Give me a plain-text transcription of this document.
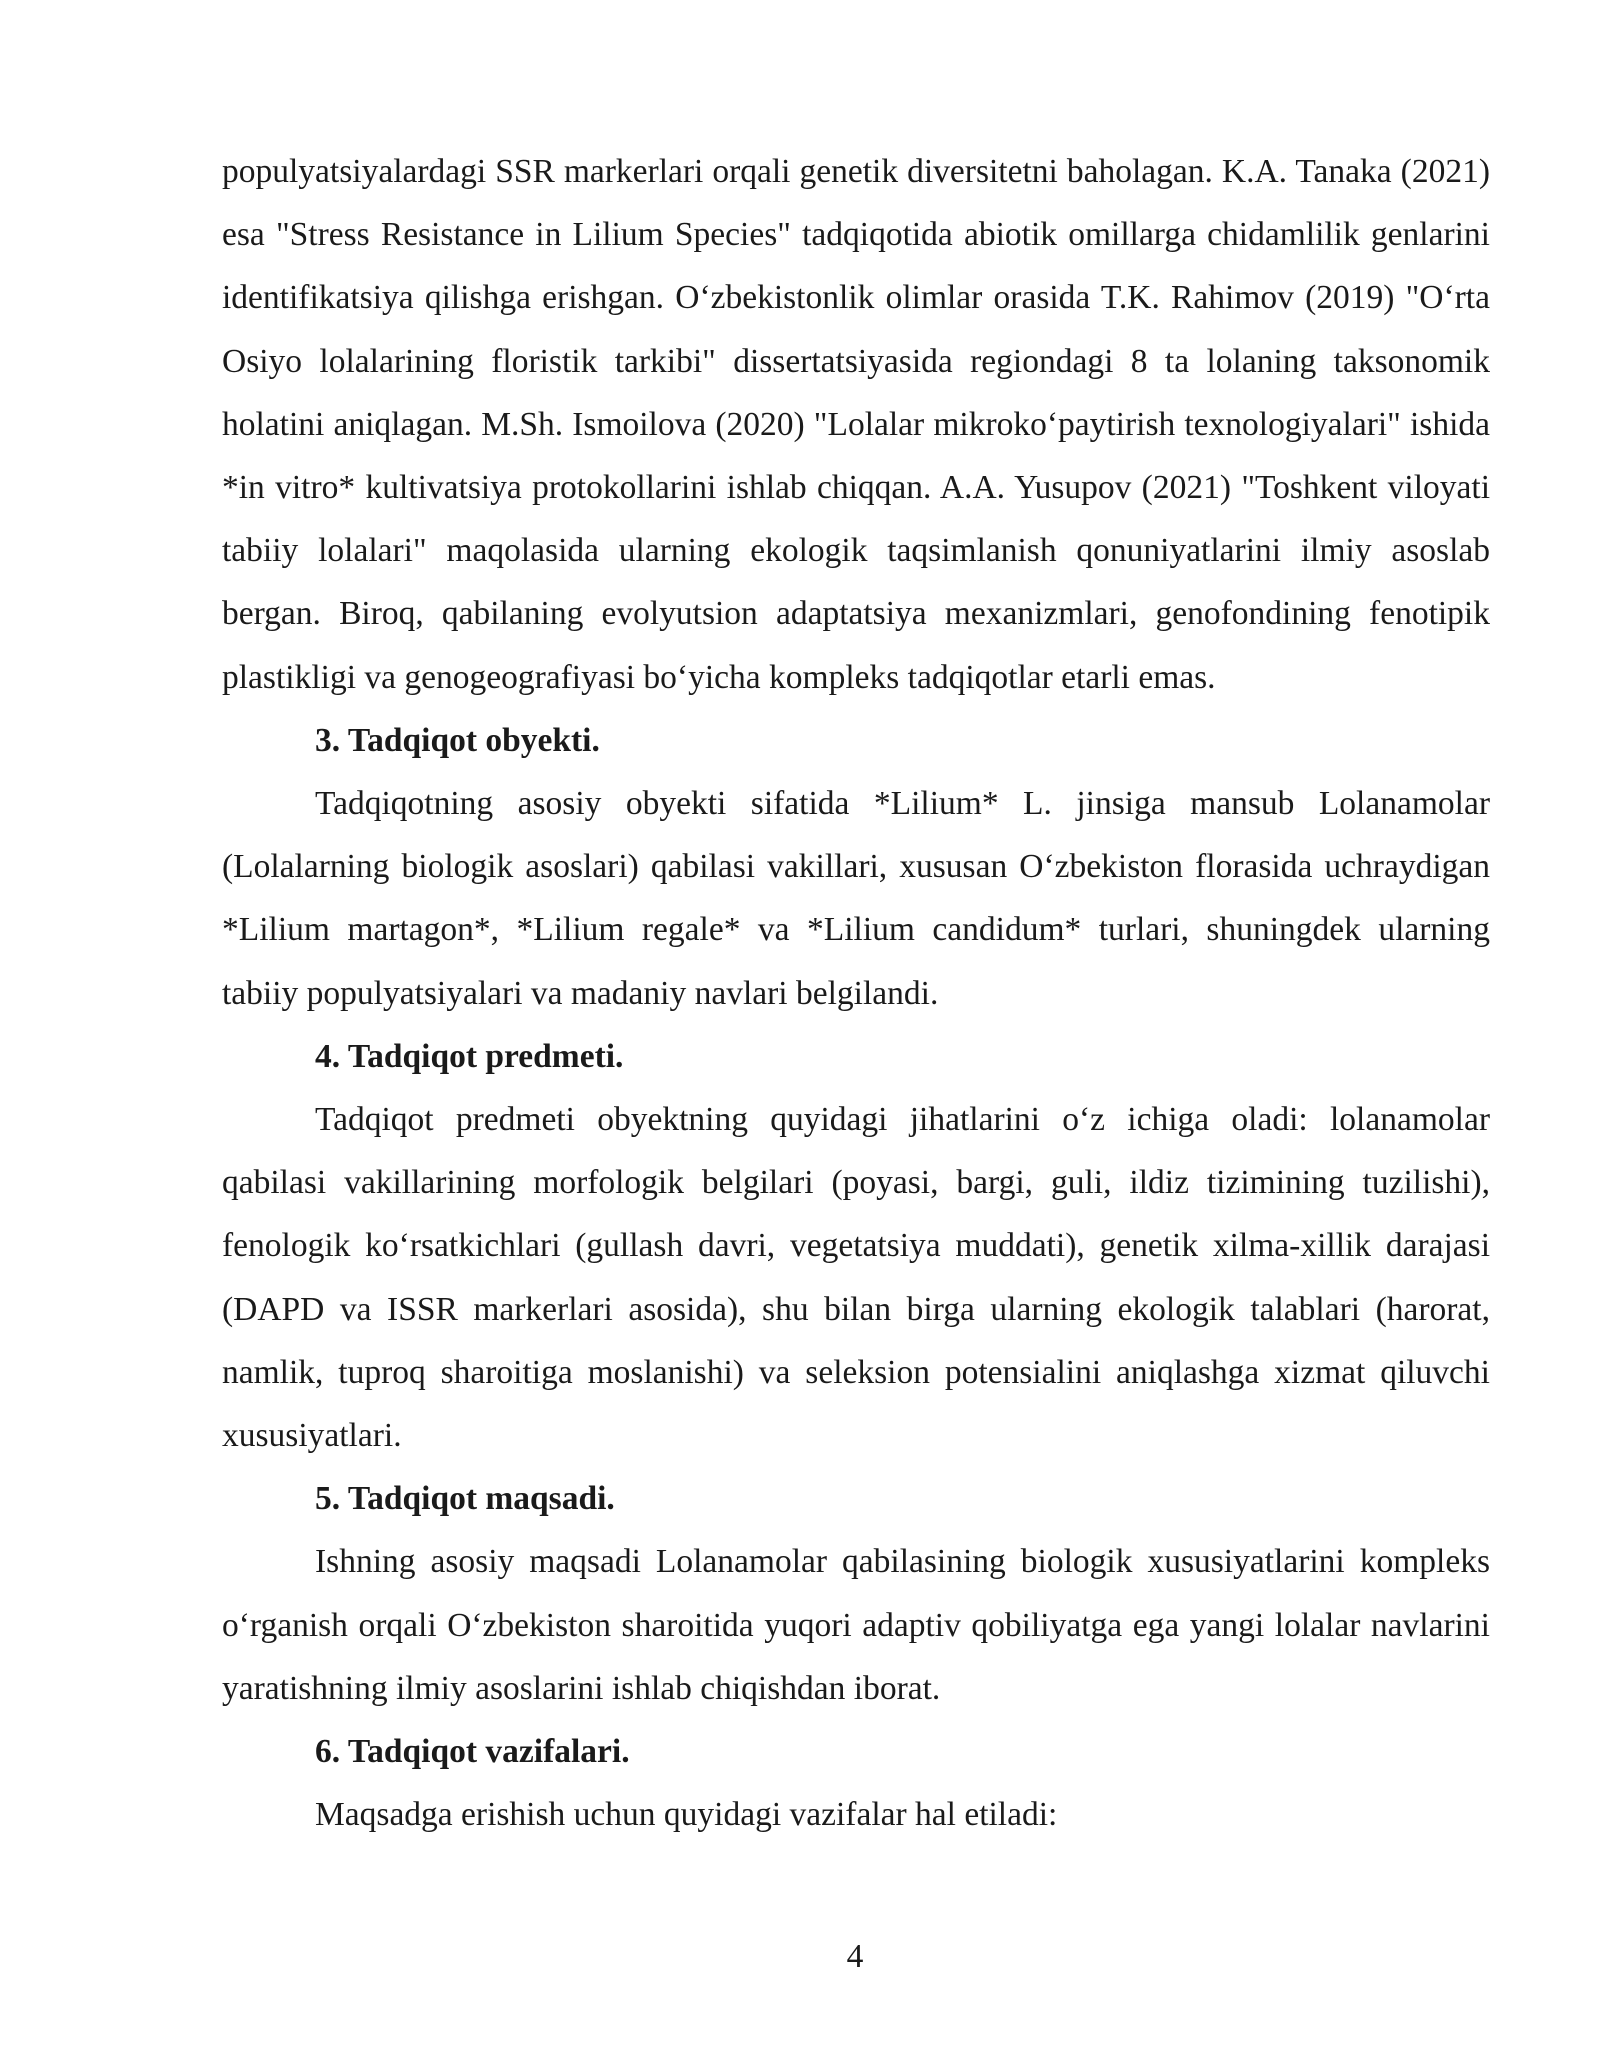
populyatsiyalardagi SSR markerlari orqali genetik diversitetni baholagan. K.A. Tanaka (2021) esa "Stress Resistance in Lilium Species" tadqiqotida abiotik omillarga chidamlilik genlarini identifikatsiya qilishga erishgan. O‘zbekistonlik olimlar orasida T.K. Rahimov (2019) "O‘rta Osiyo lolalarining floristik tarkibi" dissertatsiyasida regiondagi 8 ta lolaning taksonomik holatini aniqlagan. M.Sh. Ismoilova (2020) "Lolalar mikroko‘paytirish texnologiyalari" ishida *in vitro* kultivatsiya protokollarini ishlab chiqqan. A.A. Yusupov (2021) "Toshkent viloyati tabiiy lolalari" maqolasida ularning ekologik taqsimlanish qonuniyatlarini ilmiy asoslab bergan. Biroq, qabilaning evolyutsion adaptatsiya mexanizmlari, genofondining fenotipik plastikligi va genogeografiyasi bo‘yicha kompleks tadqiqotlar etarli emas.

3. Tadqiqot obyekti.

Tadqiqotning asosiy obyekti sifatida *Lilium* L. jinsiga mansub Lolanamolar (Lolalarning biologik asoslari) qabilasi vakillari, xususan O‘zbekiston florasida uchraydigan *Lilium martagon*, *Lilium regale* va *Lilium candidum* turlari, shuningdek ularning tabiiy populyatsiyalari va madaniy navlari belgilandi.

4. Tadqiqot predmeti.

Tadqiqot predmeti obyektning quyidagi jihatlarini o‘z ichiga oladi: lolanamolar qabilasi vakillarining morfologik belgilari (poyasi, bargi, guli, ildiz tizimining tuzilishi), fenologik ko‘rsatkichlari (gullash davri, vegetatsiya muddati), genetik xilma-xillik darajasi (DAPD va ISSR markerlari asosida), shu bilan birga ularning ekologik talablari (harorat, namlik, tuproq sharoitiga moslanishi) va seleksion potensialini aniqlashga xizmat qiluvchi xususiyatlari.

5. Tadqiqot maqsadi.

Ishning asosiy maqsadi Lolanamolar qabilasining biologik xususiyatlarini kompleks o‘rganish orqali O‘zbekiston sharoitida yuqori adaptiv qobiliyatga ega yangi lolalar navlarini yaratishning ilmiy asoslarini ishlab chiqishdan iborat.

6. Tadqiqot vazifalari.

Maqsadga erishish uchun quyidagi vazifalar hal etiladi:

4
